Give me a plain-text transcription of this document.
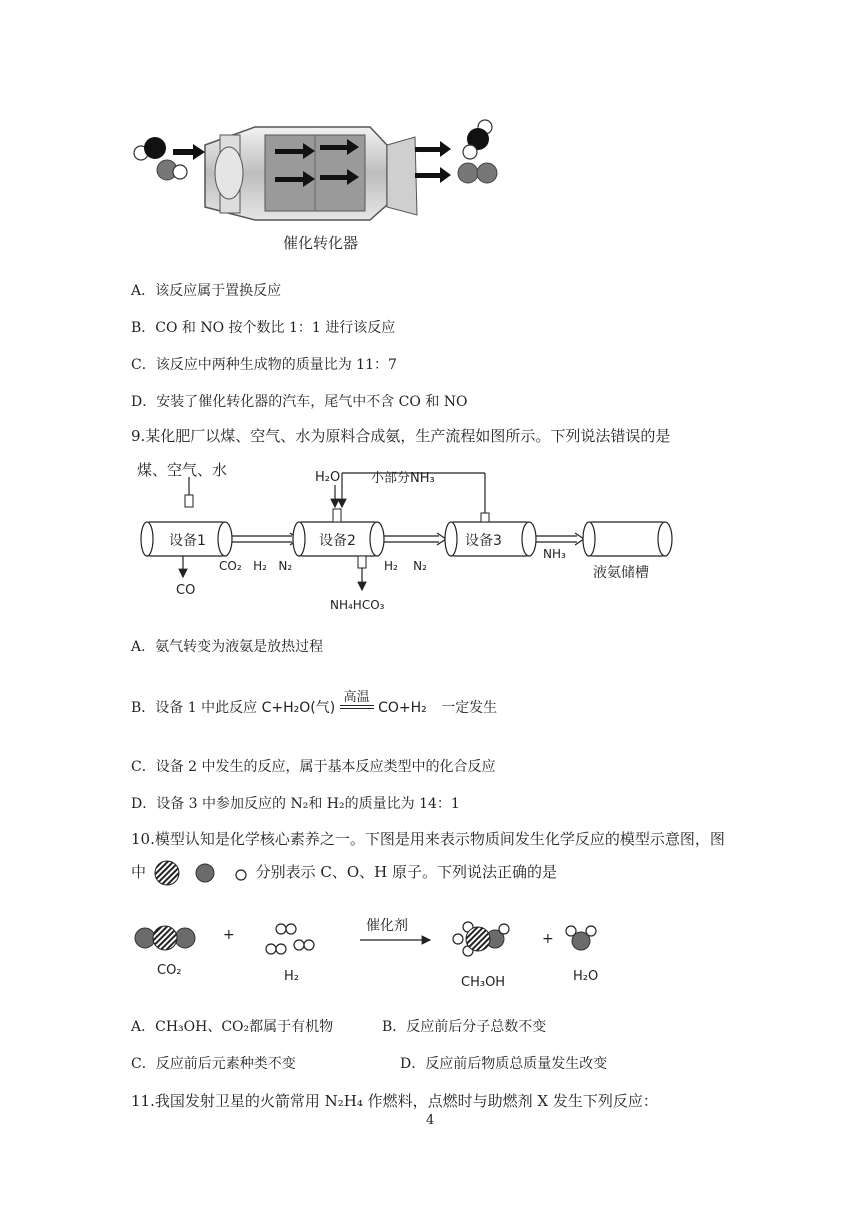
催化转化器
A．该反应属于置换反应
B．CO 和 NO 按个数比 1：1 进行该反应
C．该反应中两种生成物的质量比为 11：7
D．安装了催化转化器的汽车，尾气中不含 CO 和 NO
9.某化肥厂以煤、空气、水为原料合成氨，生产流程如图所示。下列说法错误的是
煤、空气、水	H₂O 小部分NH₃
设备1	设备2	设备3
液氨储槽
CO
CO₂   H₂   N₂	H₂    N₂
NH₃
NH₄HCO₃
A．氨气转变为液氨是放热过程
B．设备 1 中此反应 C+H₂O(气)
高温
CO+H₂ 一定发生
C．设备 2 中发生的反应，属于基本反应类型中的化合反应
D．设备 3 中参加反应的 N₂和 H₂的质量比为 14：1
10.模型认知是化学核心素养之一。下图是用来表示物质间发生化学反应的模型示意图，图
中	分别表示 C、O、H 原子。下列说法正确的是
+	+
催化剂
CO₂	H₂	CH₃OH	H₂O
A．CH₃OH、CO₂都属于有机物	B．反应前后分子总数不变
C．反应前后元素种类不变	D．反应前后物质总质量发生改变
11.我国发射卫星的火箭常用 N₂H₄ 作燃料，点燃时与助燃剂 X 发生下列反应：
4
